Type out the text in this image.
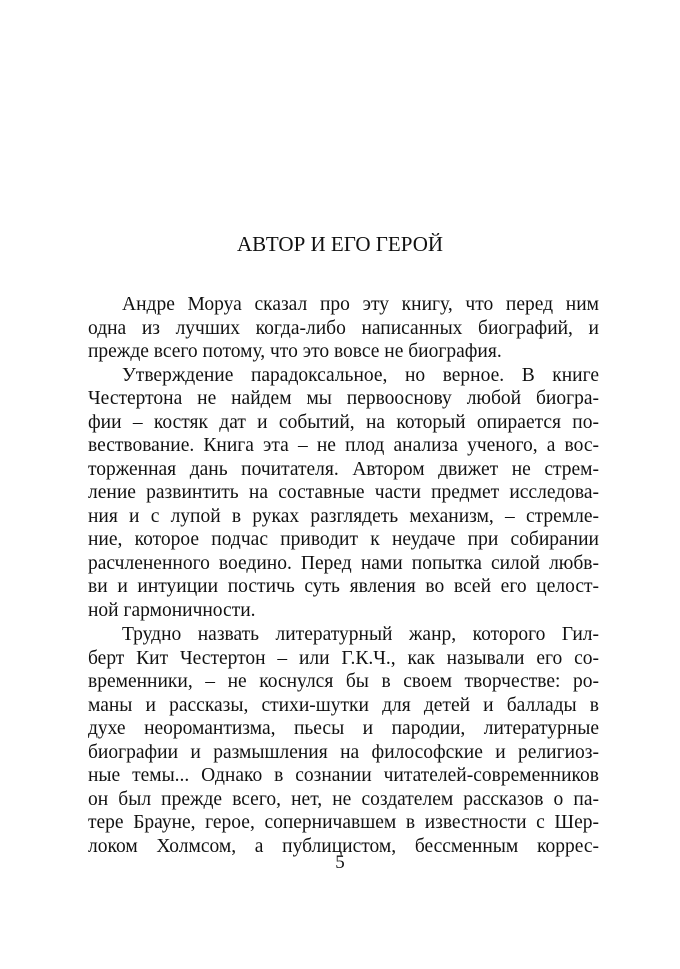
АВТОР И ЕГО ГЕРОЙ
Андре Моруа сказал про эту книгу, что перед ним
одна из лучших когда-либо написанных биографий, и
прежде всего потому, что это вовсе не биография.
Утверждение парадоксальное, но верное. В книге
Честертона не найдем мы первооснову любой биогра-
фии – костяк дат и событий, на который опирается по-
вествование. Книга эта – не плод анализа ученого, а вос-
торженная дань почитателя. Автором движет не стрем-
ление развинтить на составные части предмет исследова-
ния и с лупой в руках разглядеть механизм, – стремле-
ние, которое подчас приводит к неудаче при собирании
расчлененного воедино. Перед нами попытка силой любв-
ви и интуиции постичь суть явления во всей его целост-
ной гармоничности.
Трудно назвать литературный жанр, которого Гил-
берт Кит Честертон – или Г.К.Ч., как называли его со-
временники, – не коснулся бы в своем творчестве: ро-
маны и рассказы, стихи-шутки для детей и баллады в
духе неоромантизма, пьесы и пародии, литературные
биографии и размышления на философские и религиоз-
ные темы... Однако в сознании читателей-современников
он был прежде всего, нет, не создателем рассказов о па-
тере Брауне, герое, соперничавшем в известности с Шер-
локом Холмсом, а публицистом, бессменным коррес-
5
